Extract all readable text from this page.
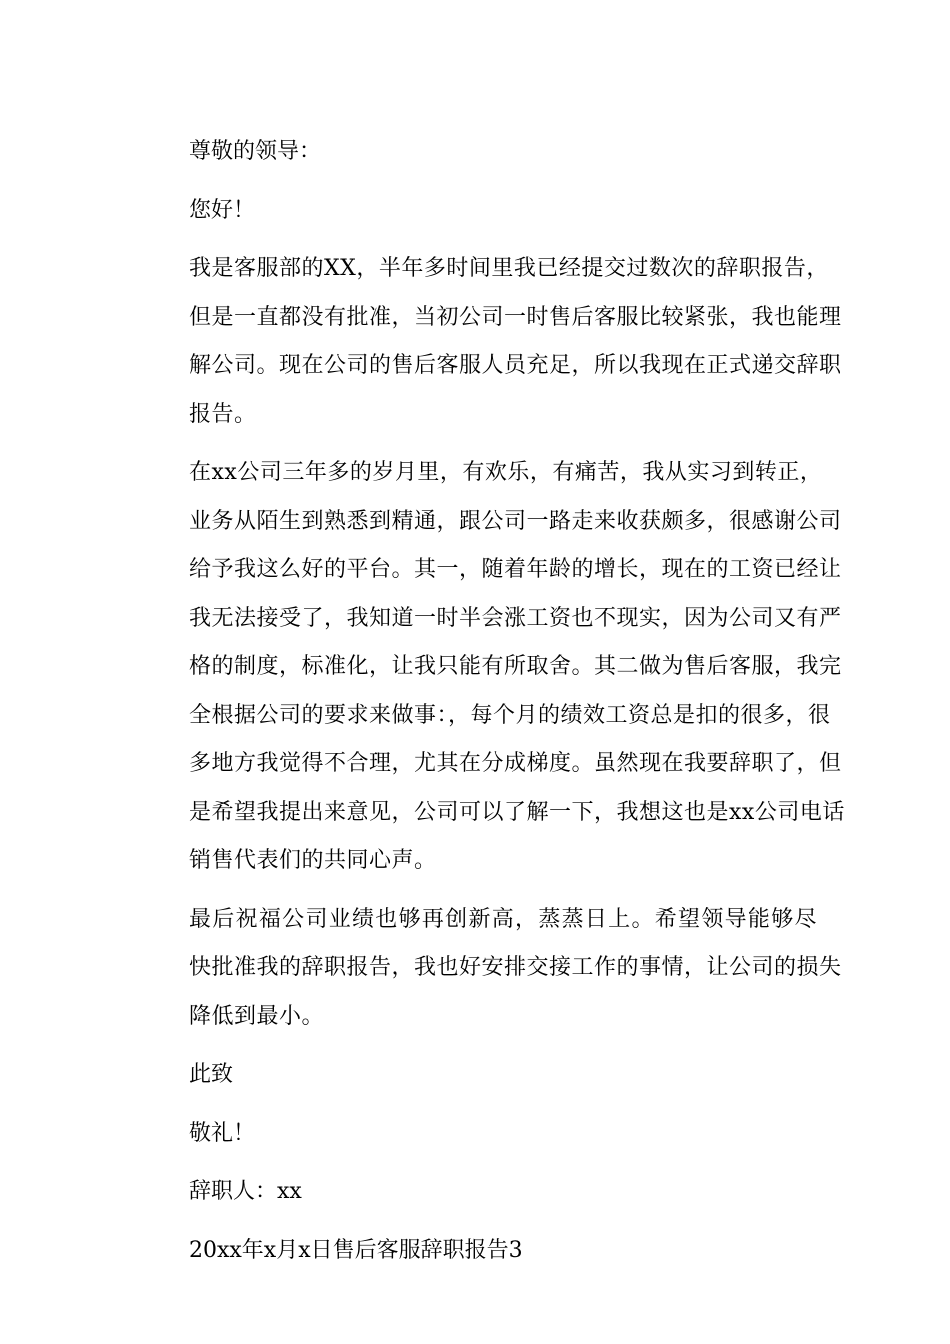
尊敬的领导：

您好！

我是客服部的XX，半年多时间里我已经提交过数次的辞职报告，
但是一直都没有批准，当初公司一时售后客服比较紧张，我也能理
解公司。现在公司的售后客服人员充足，所以我现在正式递交辞职
报告。
在xx公司三年多的岁月里，有欢乐，有痛苦，我从实习到转正，
业务从陌生到熟悉到精通，跟公司一路走来收获颇多，很感谢公司
给予我这么好的平台。其一，随着年龄的增长，现在的工资已经让
我无法接受了，我知道一时半会涨工资也不现实，因为公司又有严
格的制度，标准化，让我只能有所取舍。其二做为售后客服，我完
全根据公司的要求来做事：，每个月的绩效工资总是扣的很多，很
多地方我觉得不合理，尤其在分成梯度。虽然现在我要辞职了，但
是希望我提出来意见，公司可以了解一下，我想这也是xx公司电话
销售代表们的共同心声。
最后祝福公司业绩也够再创新高，蒸蒸日上。希望领导能够尽
快批准我的辞职报告，我也好安排交接工作的事情，让公司的损失
降低到最小。

此致

敬礼！

辞职人：xx

20xx年x月x日售后客服辞职报告3
